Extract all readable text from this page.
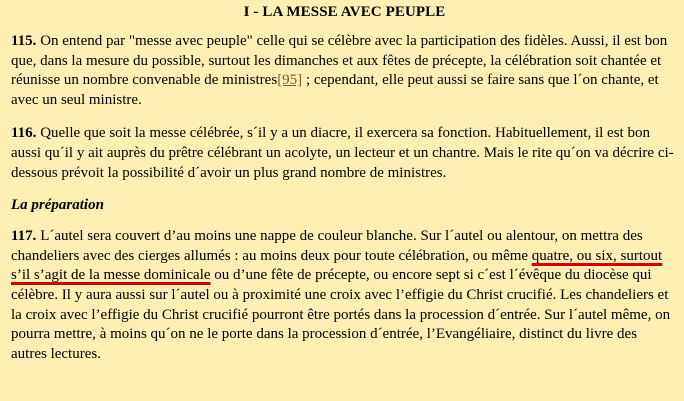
I - LA MESSE AVEC PEUPLE

115. On entend par "messe avec peuple" celle qui se célèbre avec la participation des fidèles. Aussi, il est bon que, dans la mesure du possible, surtout les dimanches et aux fêtes de précepte, la célébration soit chantée et réunisse un nombre convenable de ministres[95] ; cependant, elle peut aussi se faire sans que l´on chante, et avec un seul ministre.

116. Quelle que soit la messe célébrée, s´il y a un diacre, il exercera sa fonction. Habituellement, il est bon aussi qu´il y ait auprès du prêtre célébrant un acolyte, un lecteur et un chantre. Mais le rite qu´on va décrire ci-dessous prévoit la possibilité d´avoir un plus grand nombre de ministres.

La préparation

117. L´autel sera couvert d’au moins une nappe de couleur blanche. Sur l´autel ou alentour, on mettra des chandeliers avec des cierges allumés : au moins deux pour toute célébration, ou même quatre, ou six, surtout s’il s’agit de la messe dominicale ou d’une fête de précepte, ou encore sept si c´est l´évêque du diocèse qui célèbre. Il y aura aussi sur l´autel ou à proximité une croix avec l’effigie du Christ crucifié. Les chandeliers et la croix avec l’effigie du Christ crucifié pourront être portés dans la procession d´entrée. Sur l´autel même, on pourra mettre, à moins qu´on ne le porte dans la procession d´entrée, l’Evangéliaire, distinct du livre des autres lectures.
